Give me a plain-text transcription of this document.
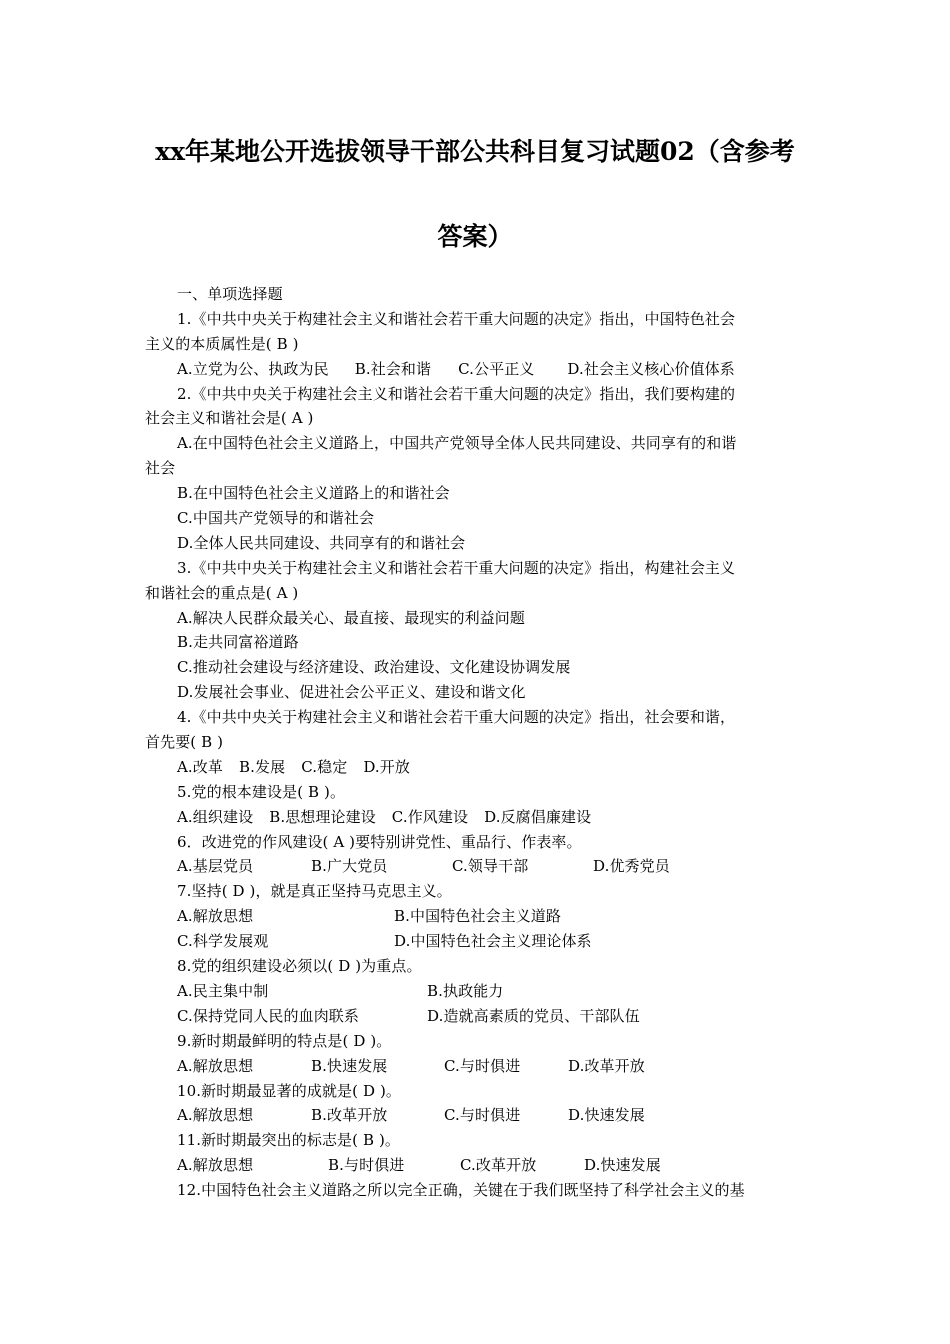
xx年某地公开选拔领导干部公共科目复习试题02（含参考
答案）
一、单项选择题
1.《中共中央关于构建社会主义和谐社会若干重大问题的决定》指出，中国特色社会
主义的本质属性是( B )
A.立党为公、执政为民 B.社会和谐 C.公平正义 D.社会主义核心价值体系
2.《中共中央关于构建社会主义和谐社会若干重大问题的决定》指出，我们要构建的
社会主义和谐社会是( A )
A.在中国特色社会主义道路上，中国共产党领导全体人民共同建设、共同享有的和谐
社会
B.在中国特色社会主义道路上的和谐社会
C.中国共产党领导的和谐社会
D.全体人民共同建设、共同享有的和谐社会
3.《中共中央关于构建社会主义和谐社会若干重大问题的决定》指出，构建社会主义
和谐社会的重点是( A )
A.解决人民群众最关心、最直接、最现实的利益问题
B.走共同富裕道路
C.推动社会建设与经济建设、政治建设、文化建设协调发展
D.发展社会事业、促进社会公平正义、建设和谐文化
4.《中共中央关于构建社会主义和谐社会若干重大问题的决定》指出，社会要和谐，
首先要( B )
A.改革 B.发展 C.稳定 D.开放
5.党的根本建设是( B )。
A.组织建设 B.思想理论建设 C.作风建设 D.反腐倡廉建设
6．改进党的作风建设( A )要特别讲党性、重品行、作表率。
A.基层党员	B.广大党员	C.领导干部	D.优秀党员
7.坚持( D )，就是真正坚持马克思主义。
A.解放思想	B.中国特色社会主义道路
C.科学发展观	D.中国特色社会主义理论体系
8.党的组织建设必须以( D )为重点。
A.民主集中制	B.执政能力
C.保持党同人民的血肉联系	D.造就高素质的党员、干部队伍
9.新时期最鲜明的特点是( D )。
A.解放思想	B.快速发展	C.与时俱进	D.改革开放
10.新时期最显著的成就是( D )。
A.解放思想	B.改革开放	C.与时俱进	D.快速发展
11.新时期最突出的标志是( B )。
A.解放思想	B.与时俱进	C.改革开放	D.快速发展
12.中国特色社会主义道路之所以完全正确，关键在于我们既坚持了科学社会主义的基
